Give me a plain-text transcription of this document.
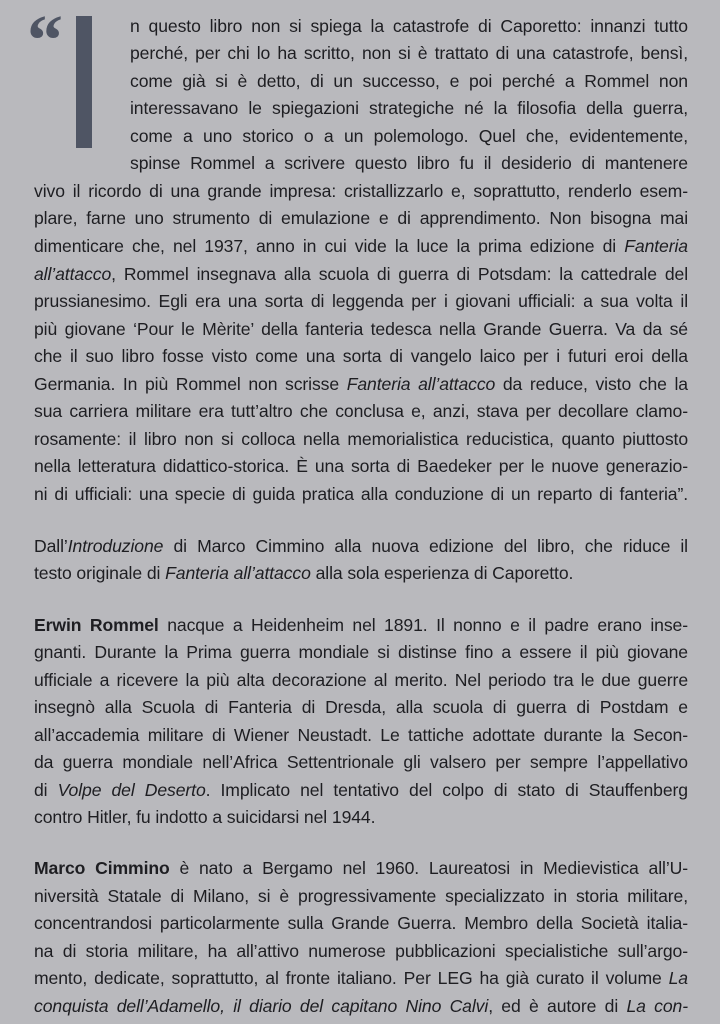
“	n questo libro non si spiega la catastrofe di Caporetto: innanzi tutto
perché, per chi lo ha scritto, non si è trattato di una catastrofe, bensì,
come già si è detto, di un successo, e poi perché a Rommel non
interessavano le spiegazioni strategiche né la filosofia della guerra,
come a uno storico o a un polemologo. Quel che, evidentemente,
spinse Rommel a scrivere questo libro fu il desiderio di mantenere
vivo il ricordo di una grande impresa: cristallizzarlo e, soprattutto, renderlo esem-
plare, farne uno strumento di emulazione e di apprendimento. Non bisogna mai
dimenticare che, nel 1937, anno in cui vide la luce la prima edizione di Fanteria
all’attacco, Rommel insegnava alla scuola di guerra di Potsdam: la cattedrale del
prussianesimo. Egli era una sorta di leggenda per i giovani ufficiali: a sua volta il
più giovane ‘Pour le Mèrite’ della fanteria tedesca nella Grande Guerra. Va da sé
che il suo libro fosse visto come una sorta di vangelo laico per i futuri eroi della
Germania. In più Rommel non scrisse Fanteria all’attacco da reduce, visto che la
sua carriera militare era tutt’altro che conclusa e, anzi, stava per decollare clamo-
rosamente: il libro non si colloca nella memorialistica reducistica, quanto piuttosto
nella letteratura didattico-storica. È una sorta di Baedeker per le nuove generazio-
ni di ufficiali: una specie di guida pratica alla conduzione di un reparto di fanteria”.
Dall’Introduzione di Marco Cimmino alla nuova edizione del libro, che riduce il
testo originale di Fanteria all’attacco alla sola esperienza di Caporetto.
Erwin Rommel nacque a Heidenheim nel 1891. Il nonno e il padre erano inse-
gnanti. Durante la Prima guerra mondiale si distinse fino a essere il più giovane
ufficiale a ricevere la più alta decorazione al merito. Nel periodo tra le due guerre
insegnò alla Scuola di Fanteria di Dresda, alla scuola di guerra di Postdam e
all’accademia militare di Wiener Neustadt. Le tattiche adottate durante la Secon-
da guerra mondiale nell’Africa Settentrionale gli valsero per sempre l’appellativo
di Volpe del Deserto. Implicato nel tentativo del colpo di stato di Stauffenberg
contro Hitler, fu indotto a suicidarsi nel 1944.
Marco Cimmino è nato a Bergamo nel 1960. Laureatosi in Medievistica all’U-
niversità Statale di Milano, si è progressivamente specializzato in storia militare,
concentrandosi particolarmente sulla Grande Guerra. Membro della Società italia-
na di storia militare, ha all’attivo numerose pubblicazioni specialistiche sull’argo-
mento, dedicate, soprattutto, al fronte italiano. Per LEG ha già curato il volume La
conquista dell’Adamello, il diario del capitano Nino Calvi, ed è autore di La con-
